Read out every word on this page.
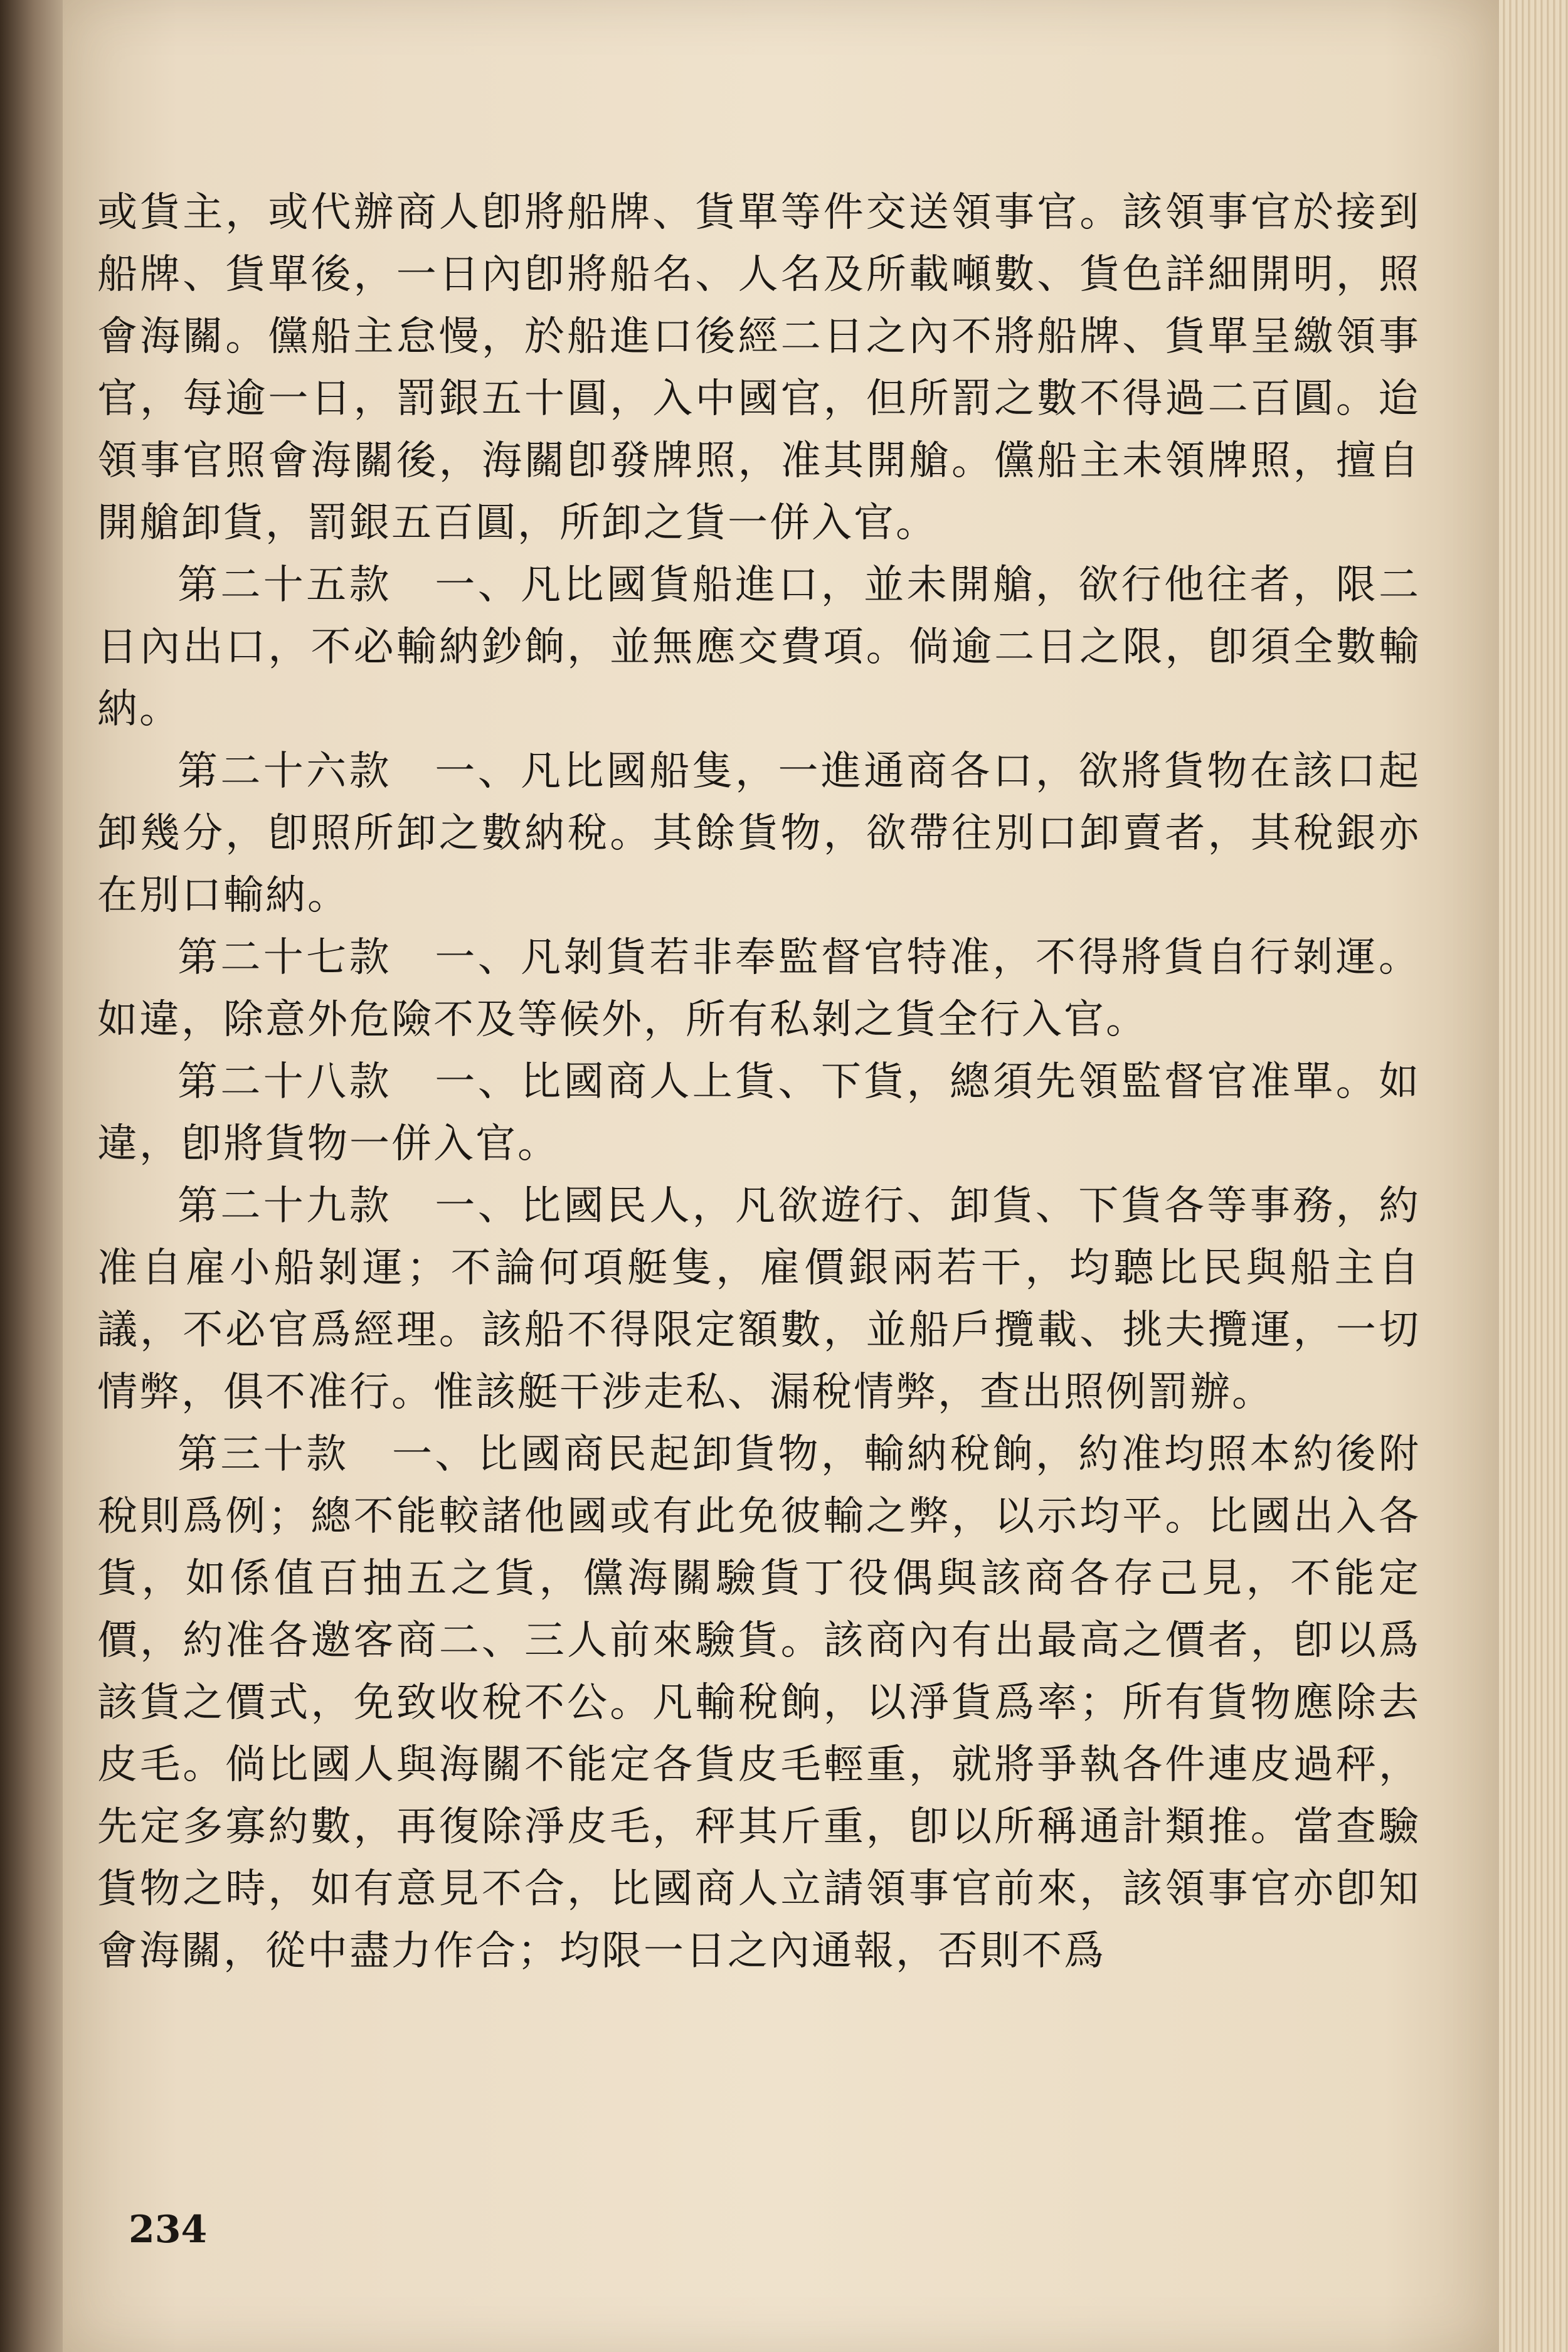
或貨主，或代辦商人卽將船牌、貨單等件交送領事官。該領事官於接到船牌、貨單後，一日內卽將船名、人名及所載噸數、貨色詳細開明，照會海關。儻船主怠慢，於船進口後經二日之內不將船牌、貨單呈繳領事官，每逾一日，罰銀五十圓，入中國官，但所罰之數不得過二百圓。迨領事官照會海關後，海關卽發牌照，准其開艙。儻船主未領牌照，擅自開艙卸貨，罰銀五百圓，所卸之貨一併入官。

第二十五款　一、凡比國貨船進口，並未開艙，欲行他往者，限二日內出口，不必輸納鈔餉，並無應交費項。倘逾二日之限，卽須全數輸納。

第二十六款　一、凡比國船隻，一進通商各口，欲將貨物在該口起卸幾分，卽照所卸之數納稅。其餘貨物，欲帶往別口卸賣者，其稅銀亦在別口輸納。

第二十七款　一、凡剝貨若非奉監督官特准，不得將貨自行剝運。如違，除意外危險不及等候外，所有私剝之貨全行入官。

第二十八款　一、比國商人上貨、下貨，總須先領監督官准單。如違，卽將貨物一併入官。

第二十九款　一、比國民人，凡欲遊行、卸貨、下貨各等事務，約准自雇小船剝運；不論何項艇隻，雇價銀兩若干，均聽比民與船主自議，不必官爲經理。該船不得限定額數，並船戶攬載、挑夫攬運，一切情弊，俱不准行。惟該艇干涉走私、漏稅情弊，查出照例罰辦。

第三十款　一、比國商民起卸貨物，輸納稅餉，約准均照本約後附稅則爲例；總不能較諸他國或有此免彼輸之弊，以示均平。比國出入各貨，如係值百抽五之貨，儻海關驗貨丁役偶與該商各存己見，不能定價，約准各邀客商二、三人前來驗貨。該商內有出最高之價者，卽以爲該貨之價式，免致收稅不公。凡輸稅餉，以淨貨爲率；所有貨物應除去皮毛。倘比國人與海關不能定各貨皮毛輕重，就將爭執各件連皮過秤，先定多寡約數，再復除淨皮毛，秤其斤重，卽以所稱通計類推。當查驗貨物之時，如有意見不合，比國商人立請領事官前來，該領事官亦卽知會海關，從中盡力作合；均限一日之內通報，否則不爲

234
